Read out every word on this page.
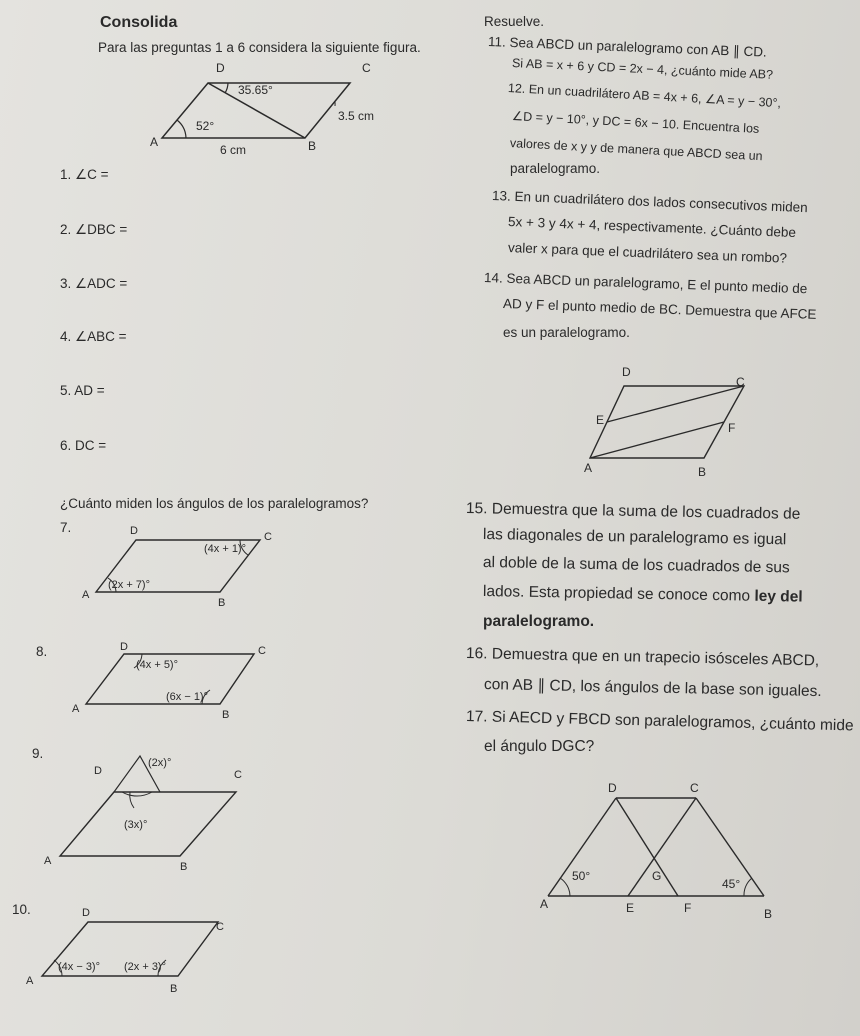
Consolida
Para las preguntas 1 a 6 considera la siguiente figura.
D	C
A	B
35.65°
52°
6 cm
3.5 cm
1. ∠C =
2. ∠DBC =
3. ∠ADC =
4. ∠ABC =
5. AD =
6. DC =
¿Cuánto miden los ángulos de los paralelogramos?
7.	D	C
A
B
(4x + 1)°
(2x + 7)°
8.	D	C
A	B
(4x + 5)°
(6x − 1)°
9.
D	C
A	B
(2x)°
(3x)°
10.	D
C
A
B
(4x − 3)° (2x + 3)°
Resuelve.
11. Sea ABCD un paralelogramo con AB ∥ CD.
Si AB = x + 6 y CD = 2x − 4, ¿cuánto mide AB?
12. En un cuadrilátero AB = 4x + 6, ∠A = y − 30°,
∠D = y − 10°, y DC = 6x − 10. Encuentra los
valores de x y y de manera que ABCD sea un
paralelogramo.
13. En un cuadrilátero dos lados consecutivos miden
5x + 3 y 4x + 4, respectivamente. ¿Cuánto debe
valer x para que el cuadrilátero sea un rombo?
14. Sea ABCD un paralelogramo, E el punto medio de
AD y F el punto medio de BC. Demuestra que AFCE
es un paralelogramo.
D
C
E
F
A	B
15. Demuestra que la suma de los cuadrados de
las diagonales de un paralelogramo es igual
al doble de la suma de los cuadrados de sus
lados. Esta propiedad se conoce como ley del
paralelogramo.
16. Demuestra que en un trapecio isósceles ABCD,
con AB ∥ CD, los ángulos de la base son iguales.
17. Si AECD y FBCD son paralelogramos, ¿cuánto mide
el ángulo DGC?
D	C
G
A	E	F	B
50°
45°
